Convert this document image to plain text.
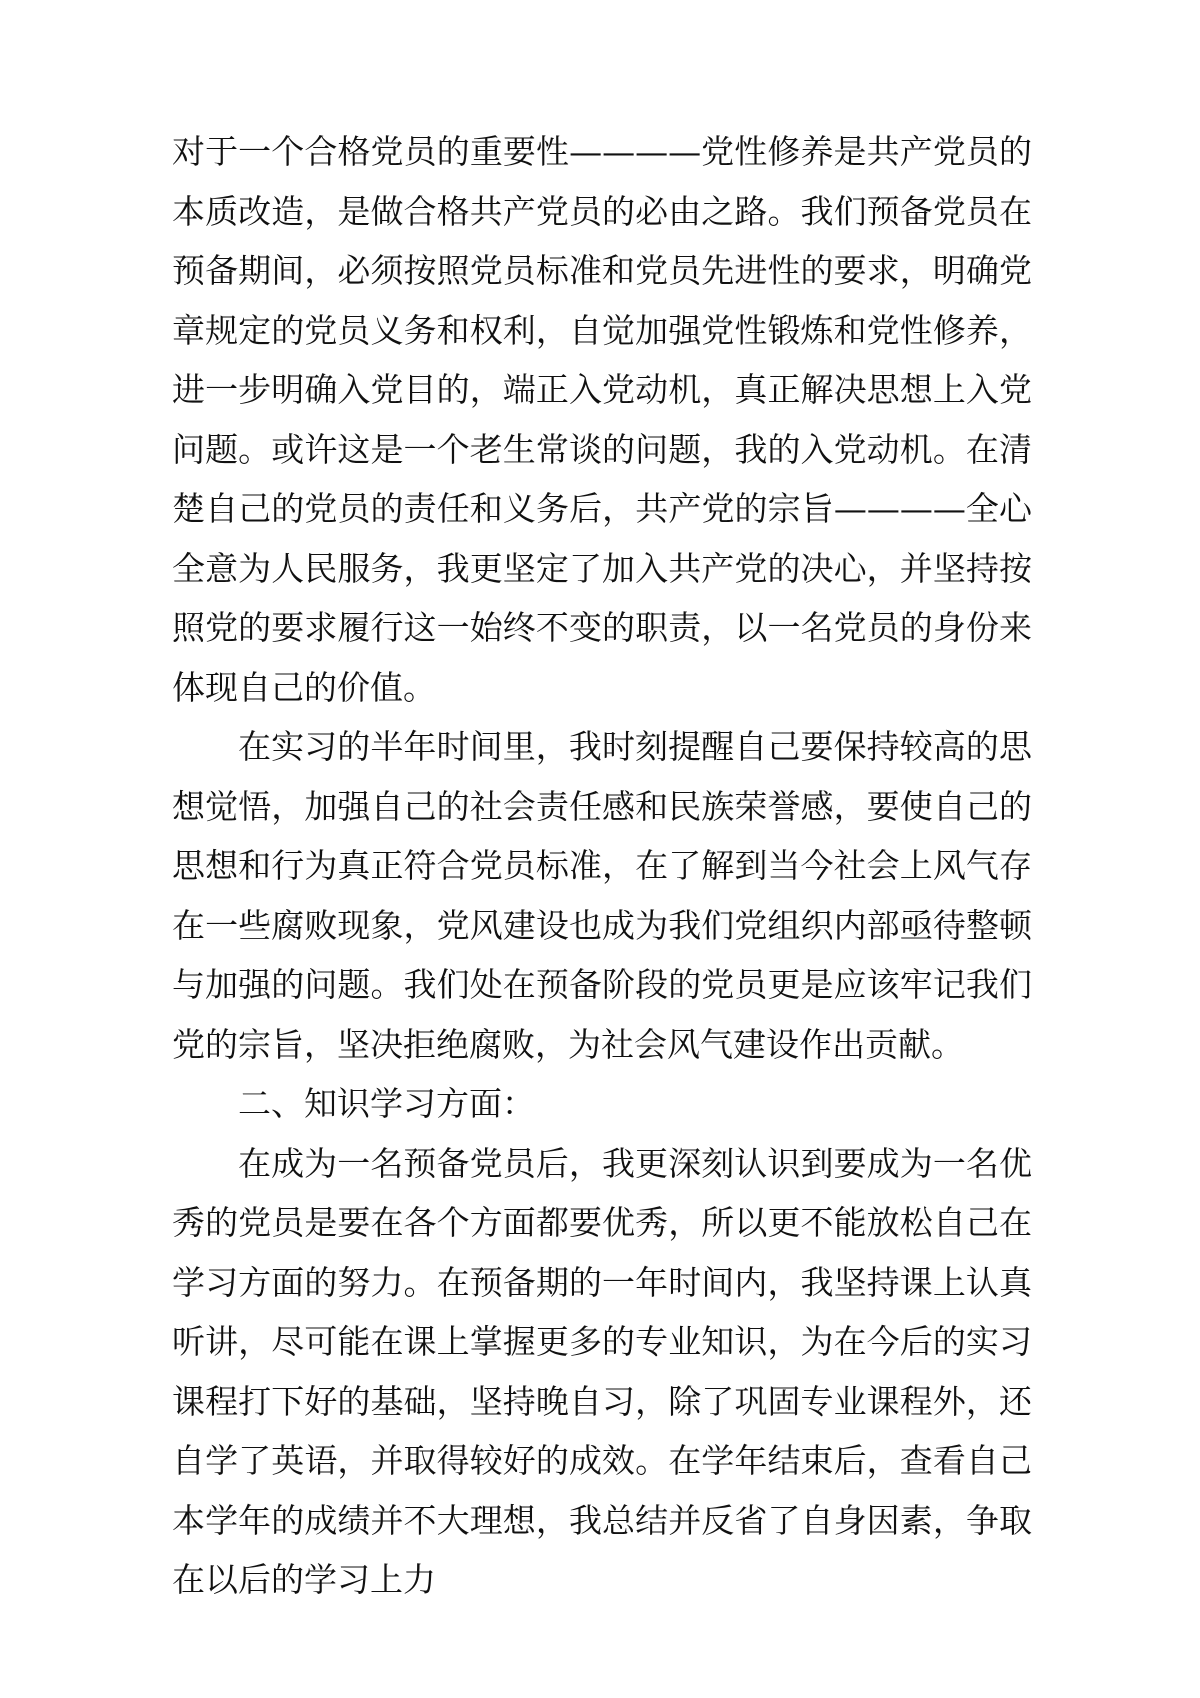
对于一个合格党员的重要性————党性修养是共产党员的本质改造，是做合格共产党员的必由之路。我们预备党员在预备期间，必须按照党员标准和党员先进性的要求，明确党章规定的党员义务和权利，自觉加强党性锻炼和党性修养，进一步明确入党目的，端正入党动机，真正解决思想上入党问题。或许这是一个老生常谈的问题，我的入党动机。在清楚自己的党员的责任和义务后，共产党的宗旨————全心全意为人民服务，我更坚定了加入共产党的决心，并坚持按照党的要求履行这一始终不变的职责，以一名党员的身份来体现自己的价值。

在实习的半年时间里，我时刻提醒自己要保持较高的思想觉悟，加强自己的社会责任感和民族荣誉感，要使自己的思想和行为真正符合党员标准，在了解到当今社会上风气存在一些腐败现象，党风建设也成为我们党组织内部亟待整顿与加强的问题。我们处在预备阶段的党员更是应该牢记我们党的宗旨，坚决拒绝腐败，为社会风气建设作出贡献。

二、知识学习方面：

在成为一名预备党员后，我更深刻认识到要成为一名优秀的党员是要在各个方面都要优秀，所以更不能放松自己在学习方面的努力。在预备期的一年时间内，我坚持课上认真听讲，尽可能在课上掌握更多的专业知识，为在今后的实习课程打下好的基础，坚持晚自习，除了巩固专业课程外，还自学了英语，并取得较好的成效。在学年结束后，查看自己本学年的成绩并不大理想，我总结并反省了自身因素，争取在以后的学习上力
